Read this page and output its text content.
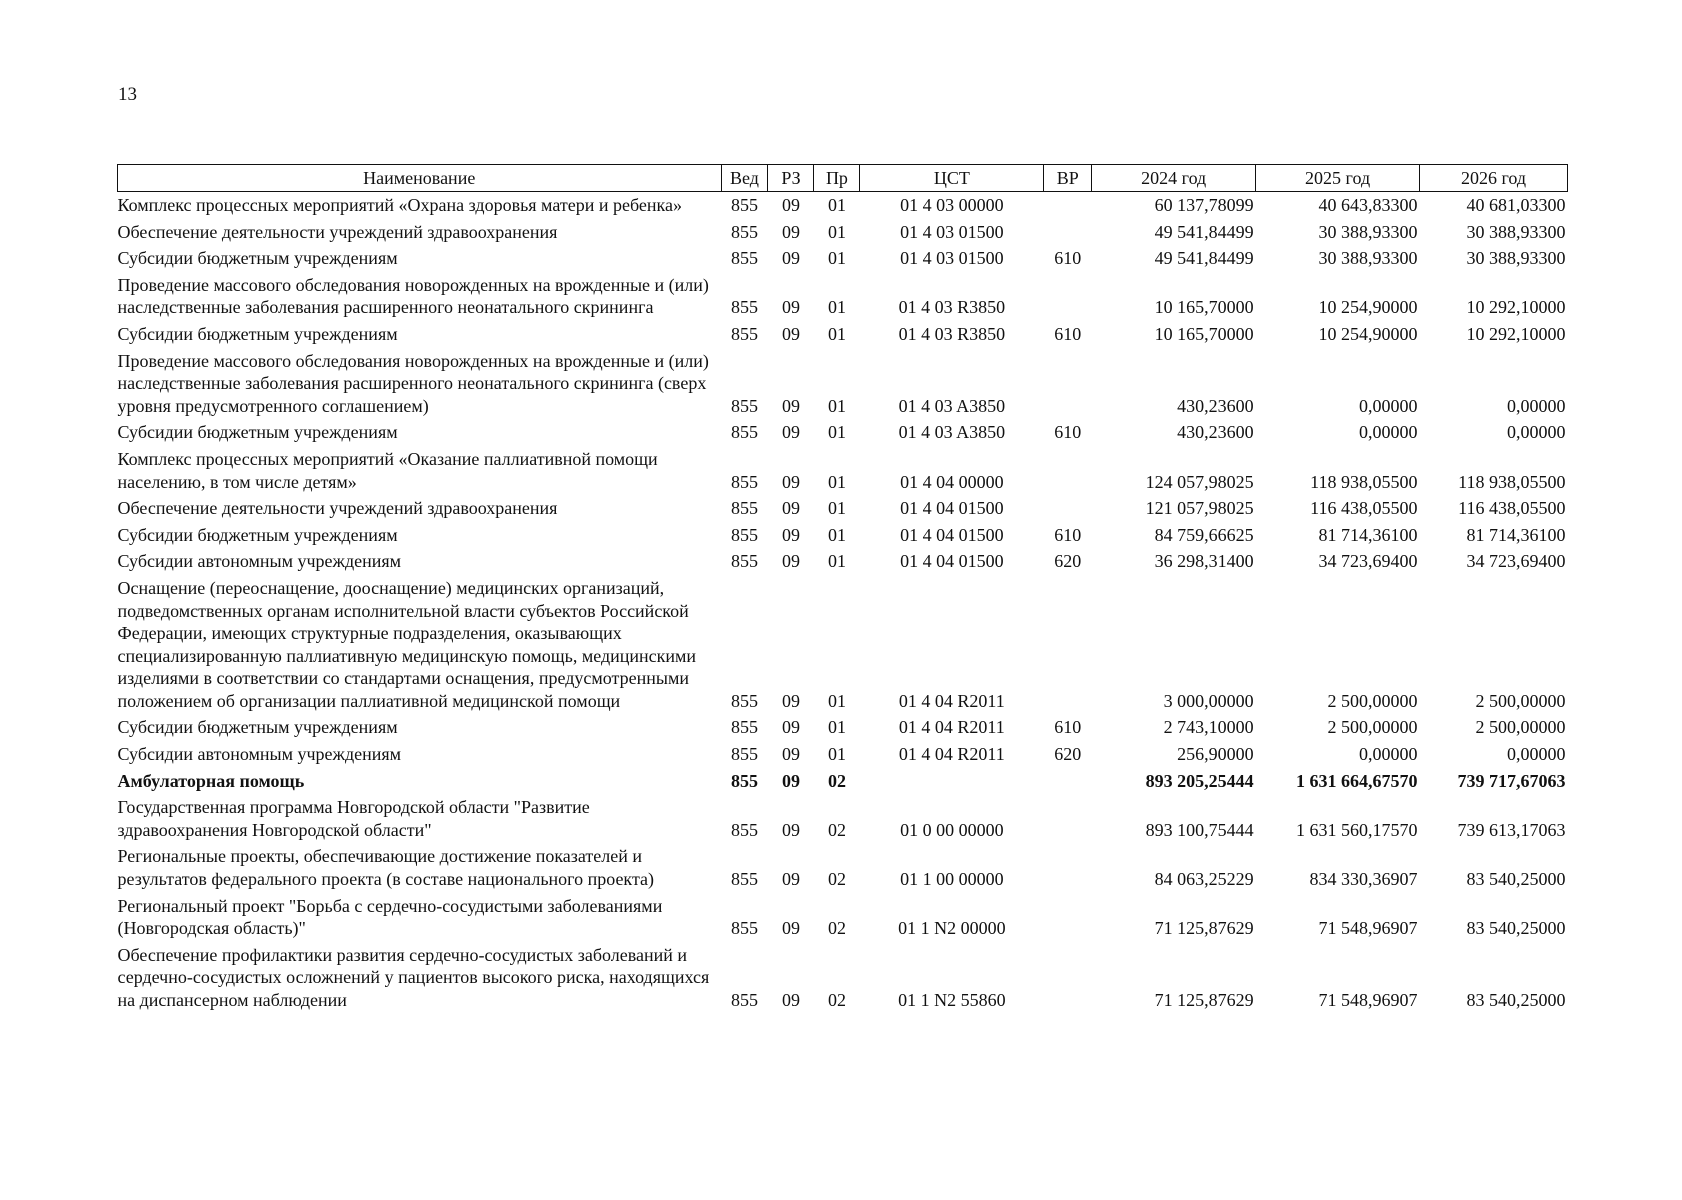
13
Наименование	Вед	РЗ	Пр	ЦСТ	ВР	2024 год	2025 год	2026 год
Комплекс процессных мероприятий «Охрана здоровья матери и ребенка»	855	09	01	01 4 03 00000		60 137,78099	40 643,83300	40 681,03300
Обеспечение деятельности учреждений здравоохранения	855	09	01	01 4 03 01500		49 541,84499	30 388,93300	30 388,93300
Субсидии бюджетным учреждениям	855	09	01	01 4 03 01500	610	49 541,84499	30 388,93300	30 388,93300
Проведение массового обследования новорожденных на врожденные и (или) наследственные заболевания расширенного неонатального скрининга	855	09	01	01 4 03 R3850		10 165,70000	10 254,90000	10 292,10000
Субсидии бюджетным учреждениям	855	09	01	01 4 03 R3850	610	10 165,70000	10 254,90000	10 292,10000
Проведение массового обследования новорожденных на врожденные и (или) наследственные заболевания расширенного неонатального скрининга (сверх уровня предусмотренного соглашением)	855	09	01	01 4 03 A3850		430,23600	0,00000	0,00000
Субсидии бюджетным учреждениям	855	09	01	01 4 03 A3850	610	430,23600	0,00000	0,00000
Комплекс процессных мероприятий «Оказание паллиативной помощи населению, в том числе детям»	855	09	01	01 4 04 00000		124 057,98025	118 938,05500	118 938,05500
Обеспечение деятельности учреждений здравоохранения	855	09	01	01 4 04 01500		121 057,98025	116 438,05500	116 438,05500
Субсидии бюджетным учреждениям	855	09	01	01 4 04 01500	610	84 759,66625	81 714,36100	81 714,36100
Субсидии автономным учреждениям	855	09	01	01 4 04 01500	620	36 298,31400	34 723,69400	34 723,69400
Оснащение (переоснащение, дооснащение) медицинских организаций, подведомственных органам исполнительной власти субъектов Российской Федерации, имеющих структурные подразделения, оказывающих специализированную паллиативную медицинскую помощь, медицинскими изделиями в соответствии со стандартами оснащения, предусмотренными положением об организации паллиативной медицинской помощи	855	09	01	01 4 04 R2011		3 000,00000	2 500,00000	2 500,00000
Субсидии бюджетным учреждениям	855	09	01	01 4 04 R2011	610	2 743,10000	2 500,00000	2 500,00000
Субсидии автономным учреждениям	855	09	01	01 4 04 R2011	620	256,90000	0,00000	0,00000
Амбулаторная помощь	855	09	02			893 205,25444	1 631 664,67570	739 717,67063
Государственная программа Новгородской области "Развитие здравоохранения Новгородской области"	855	09	02	01 0 00 00000		893 100,75444	1 631 560,17570	739 613,17063
Региональные проекты, обеспечивающие достижение показателей и результатов федерального проекта (в составе национального проекта)	855	09	02	01 1 00 00000		84 063,25229	834 330,36907	83 540,25000
Региональный проект "Борьба с сердечно-сосудистыми заболеваниями (Новгородская область)"	855	09	02	01 1 N2 00000		71 125,87629	71 548,96907	83 540,25000
Обеспечение профилактики развития сердечно-сосудистых заболеваний и сердечно-сосудистых осложнений у пациентов высокого риска, находящихся на диспансерном наблюдении	855	09	02	01 1 N2 55860		71 125,87629	71 548,96907	83 540,25000
